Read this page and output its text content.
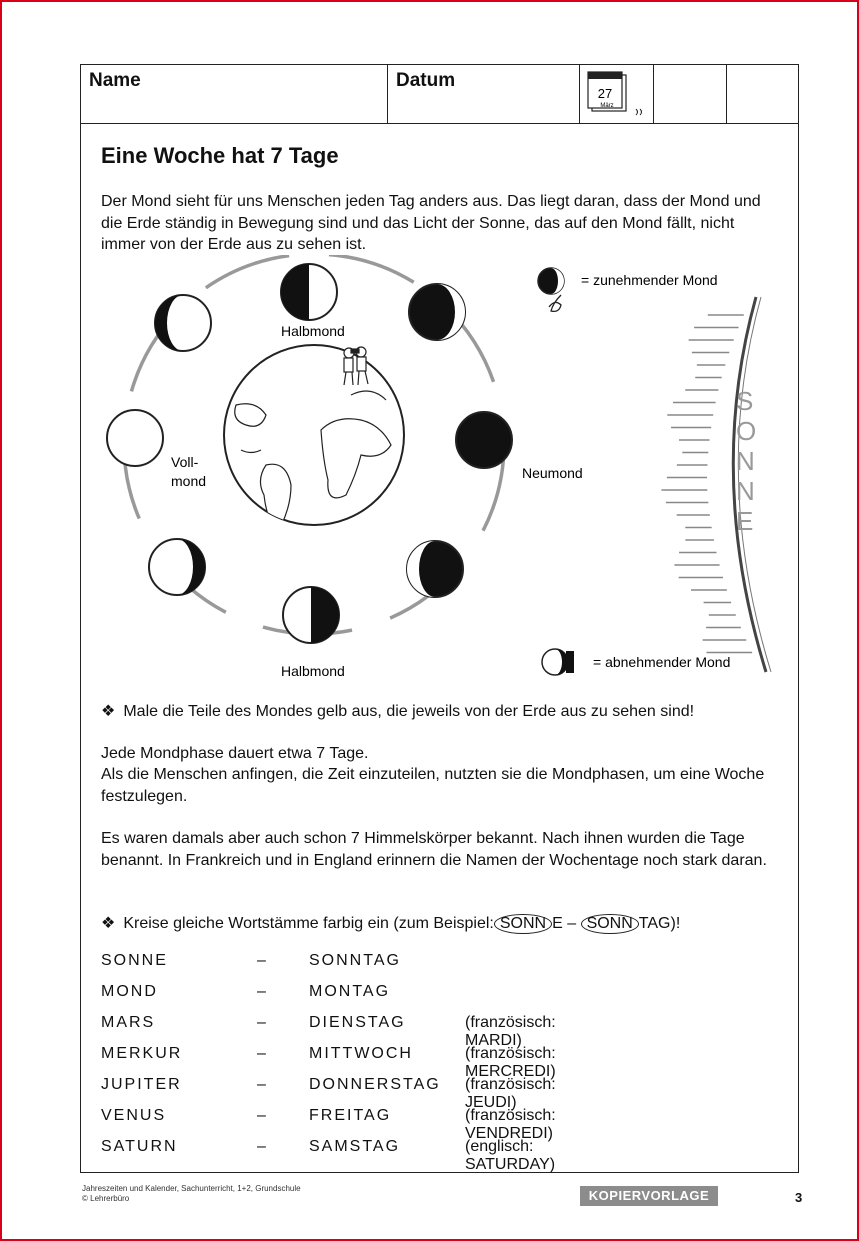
Name	Datum
27
März
Eine Woche hat 7 Tage
Der Mond sieht für uns Menschen jeden Tag anders aus. Das liegt daran, dass der Mond und die Erde ständig in Bewegung sind und das Licht der Sonne, das auf den Mond fällt, nicht immer von der Erde aus zu sehen ist.
Halbmond
Halbmond
Voll-
mond	Neumond
= zunehmender Mond
= abnehmender Mond
S
O
N
N
E
❖ Male die Teile des Mondes gelb aus, die jeweils von der Erde aus zu sehen sind!
Jede Mondphase dauert etwa 7 Tage.
Als die Menschen anfingen, die Zeit einzuteilen, nutzten sie die Mondphasen, um eine Woche festzulegen.
Es waren damals aber auch schon 7 Himmelskörper bekannt. Nach ihnen wurden die Tage benannt. In Frankreich und in England erinnern die Namen der Wochentage noch stark daran.
❖ Kreise gleiche Wortstämme farbig ein (zum Beispiel: SONN E – SONN TAG)!
SONNE	–	SONNTAG
MOND	–	MONTAG
MARS	–	DIENSTAG	(französisch: MARDI)
MERKUR	–	MITTWOCH	(französisch: MERCREDI)
JUPITER	–	DONNERSTAG (französisch: JEUDI)
VENUS	–	FREITAG	(französisch: VENDREDI)
SATURN	–	SAMSTAG	(englisch: SATURDAY)
Jahreszeiten und Kalender, Sachunterricht, 1+2, Grundschule
© Lehrerbüro	KOPIERVORLAGE	3
